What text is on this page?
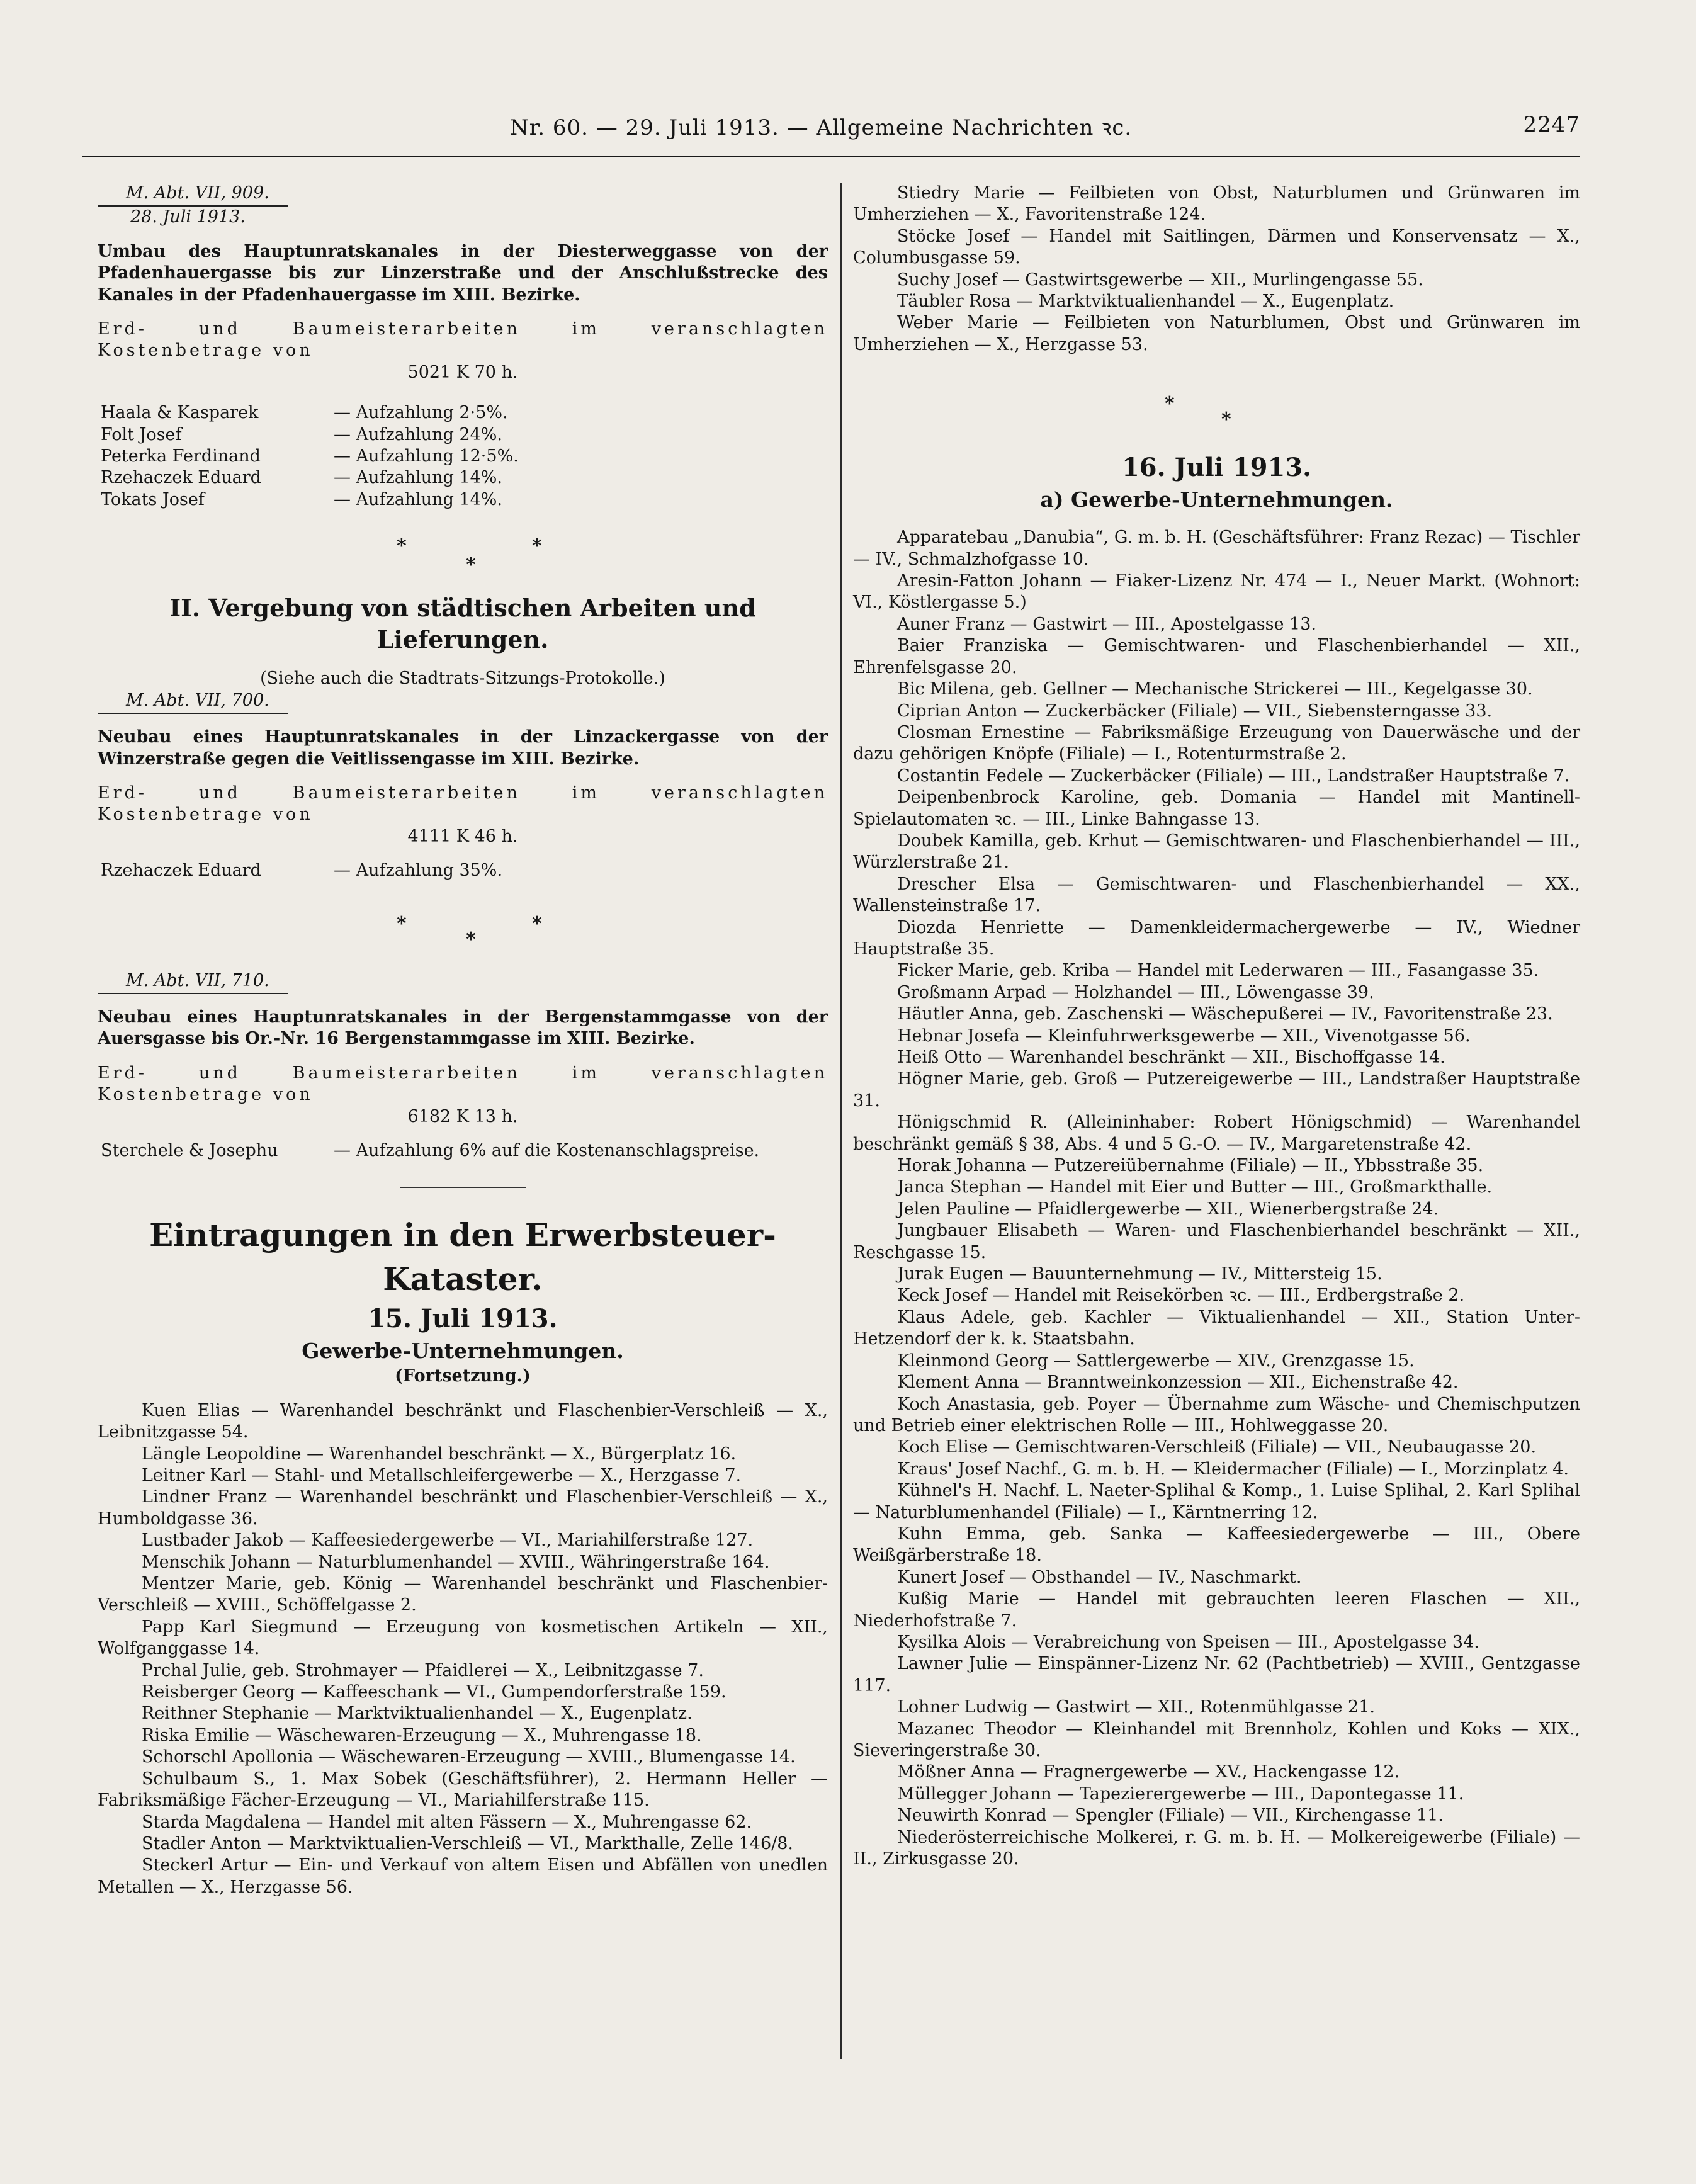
Nr. 60. — 29. Juli 1913. — Allgemeine Nachrichten ꝛc.	2247
M. Abt. VII, 909.
28. Juli 1913.
Umbau des Hauptunratskanales in der Diesterweggasse von der Pfadenhauergasse bis zur Linzerstraße und der Anschlußstrecke des Kanales in der Pfadenhauergasse im XIII. Bezirke.
Erd- und Baumeisterarbeiten im veranschlagten Kostenbetrage von
5021 K 70 h.
Haala & Kasparek	— Aufzahlung 2·5%.
Folt Josef	— Aufzahlung 24%.
Peterka Ferdinand	— Aufzahlung 12·5%.
Rzehaczek Eduard	— Aufzahlung 14%.
Tokats Josef	— Aufzahlung 14%.
*
*
*
II. Vergebung von städtischen Arbeiten und Lieferungen.
(Siehe auch die Stadtrats-Sitzungs-Protokolle.)
M. Abt. VII, 700.
Neubau eines Hauptunratskanales in der Linzackergasse von der Winzerstraße gegen die Veitlissengasse im XIII. Bezirke.
Erd- und Baumeisterarbeiten im veranschlagten Kostenbetrage von
4111 K 46 h.
Rzehaczek Eduard	— Aufzahlung 35%.
*
*
*
M. Abt. VII, 710.
Neubau eines Hauptunratskanales in der Bergenstammgasse von der Auersgasse bis Or.-Nr. 16 Bergenstammgasse im XIII. Bezirke.
Erd- und Baumeisterarbeiten im veranschlagten Kostenbetrage von
6182 K 13 h.
Sterchele & Josephu	— Aufzahlung 6% auf die Kostenanschlagspreise.
Eintragungen in den Erwerbsteuer-Kataster.
15. Juli 1913.
Gewerbe-Unternehmungen.
(Fortsetzung.)
Kuen Elias — Warenhandel beschränkt und Flaschenbier-Verschleiß — X., Leibnitzgasse 54.
Längle Leopoldine — Warenhandel beschränkt — X., Bürgerplatz 16.
Leitner Karl — Stahl- und Metallschleifergewerbe — X., Herzgasse 7.
Lindner Franz — Warenhandel beschränkt und Flaschenbier-Verschleiß — X., Humboldgasse 36.
Lustbader Jakob — Kaffeesiedergewerbe — VI., Mariahilferstraße 127.
Menschik Johann — Naturblumenhandel — XVIII., Währingerstraße 164.
Mentzer Marie, geb. König — Warenhandel beschränkt und Flaschenbier-Verschleiß — XVIII., Schöffelgasse 2.
Papp Karl Siegmund — Erzeugung von kosmetischen Artikeln — XII., Wolfganggasse 14.
Prchal Julie, geb. Strohmayer — Pfaidlerei — X., Leibnitzgasse 7.
Reisberger Georg — Kaffeeschank — VI., Gumpendorferstraße 159.
Reithner Stephanie — Marktviktualienhandel — X., Eugenplatz.
Riska Emilie — Wäschewaren-Erzeugung — X., Muhrengasse 18.
Schorschl Apollonia — Wäschewaren-Erzeugung — XVIII., Blumengasse 14.
Schulbaum S., 1. Max Sobek (Geschäftsführer), 2. Hermann Heller — Fabriksmäßige Fächer-Erzeugung — VI., Mariahilferstraße 115.
Starda Magdalena — Handel mit alten Fässern — X., Muhrengasse 62.
Stadler Anton — Marktviktualien-Verschleiß — VI., Markthalle, Zelle 146/8.
Steckerl Artur — Ein- und Verkauf von altem Eisen und Abfällen von unedlen Metallen — X., Herzgasse 56.
Stiedry Marie — Feilbieten von Obst, Naturblumen und Grünwaren im Umherziehen — X., Favoritenstraße 124.
Stöcke Josef — Handel mit Saitlingen, Därmen und Konservensatz — X., Columbusgasse 59.
Suchy Josef — Gastwirtsgewerbe — XII., Murlingengasse 55.
Täubler Rosa — Marktviktualienhandel — X., Eugenplatz.
Weber Marie — Feilbieten von Naturblumen, Obst und Grünwaren im Umherziehen — X., Herzgasse 53.
*
*
16. Juli 1913.
a) Gewerbe-Unternehmungen.
Apparatebau „Danubia“, G. m. b. H. (Geschäftsführer: Franz Rezac) — Tischler — IV., Schmalzhofgasse 10.
Aresin-Fatton Johann — Fiaker-Lizenz Nr. 474 — I., Neuer Markt. (Wohnort: VI., Köstlergasse 5.)
Auner Franz — Gastwirt — III., Apostelgasse 13.
Baier Franziska — Gemischtwaren- und Flaschenbierhandel — XII., Ehrenfelsgasse 20.
Bic Milena, geb. Gellner — Mechanische Strickerei — III., Kegelgasse 30.
Ciprian Anton — Zuckerbäcker (Filiale) — VII., Siebensterngasse 33.
Closman Ernestine — Fabriksmäßige Erzeugung von Dauerwäsche und der dazu gehörigen Knöpfe (Filiale) — I., Rotenturmstraße 2.
Costantin Fedele — Zuckerbäcker (Filiale) — III., Landstraßer Hauptstraße 7.
Deipenbenbrock Karoline, geb. Domania — Handel mit Mantinell-Spielautomaten ꝛc. — III., Linke Bahngasse 13.
Doubek Kamilla, geb. Krhut — Gemischtwaren- und Flaschenbierhandel — III., Würzlerstraße 21.
Drescher Elsa — Gemischtwaren- und Flaschenbierhandel — XX., Wallensteinstraße 17.
Diozda Henriette — Damenkleidermachergewerbe — IV., Wiedner Hauptstraße 35.
Ficker Marie, geb. Kriba — Handel mit Lederwaren — III., Fasangasse 35.
Großmann Arpad — Holzhandel — III., Löwengasse 39.
Häutler Anna, geb. Zaschenski — Wäschepußerei — IV., Favoritenstraße 23.
Hebnar Josefa — Kleinfuhrwerksgewerbe — XII., Vivenotgasse 56.
Heiß Otto — Warenhandel beschränkt — XII., Bischoffgasse 14.
Högner Marie, geb. Groß — Putzereigewerbe — III., Landstraßer Hauptstraße 31.
Hönigschmid R. (Alleininhaber: Robert Hönigschmid) — Warenhandel beschränkt gemäß § 38, Abs. 4 und 5 G.-O. — IV., Margaretenstraße 42.
Horak Johanna — Putzereiübernahme (Filiale) — II., Ybbsstraße 35.
Janca Stephan — Handel mit Eier und Butter — III., Großmarkthalle.
Jelen Pauline — Pfaidlergewerbe — XII., Wienerbergstraße 24.
Jungbauer Elisabeth — Waren- und Flaschenbierhandel beschränkt — XII., Reschgasse 15.
Jurak Eugen — Bauunternehmung — IV., Mittersteig 15.
Keck Josef — Handel mit Reisekörben ꝛc. — III., Erdbergstraße 2.
Klaus Adele, geb. Kachler — Viktualienhandel — XII., Station Unter-Hetzendorf der k. k. Staatsbahn.
Kleinmond Georg — Sattlergewerbe — XIV., Grenzgasse 15.
Klement Anna — Branntweinkonzession — XII., Eichenstraße 42.
Koch Anastasia, geb. Poyer — Übernahme zum Wäsche- und Chemischputzen und Betrieb einer elektrischen Rolle — III., Hohlweggasse 20.
Koch Elise — Gemischtwaren-Verschleiß (Filiale) — VII., Neubaugasse 20.
Kraus' Josef Nachf., G. m. b. H. — Kleidermacher (Filiale) — I., Morzinplatz 4.
Kühnel's H. Nachf. L. Naeter-Splihal & Komp., 1. Luise Splihal, 2. Karl Splihal — Naturblumenhandel (Filiale) — I., Kärntnerring 12.
Kuhn Emma, geb. Sanka — Kaffeesiedergewerbe — III., Obere Weißgärberstraße 18.
Kunert Josef — Obsthandel — IV., Naschmarkt.
Kußig Marie — Handel mit gebrauchten leeren Flaschen — XII., Niederhofstraße 7.
Kysilka Alois — Verabreichung von Speisen — III., Apostelgasse 34.
Lawner Julie — Einspänner-Lizenz Nr. 62 (Pachtbetrieb) — XVIII., Gentzgasse 117.
Lohner Ludwig — Gastwirt — XII., Rotenmühlgasse 21.
Mazanec Theodor — Kleinhandel mit Brennholz, Kohlen und Koks — XIX., Sieveringerstraße 30.
Mößner Anna — Fragnergewerbe — XV., Hackengasse 12.
Müllegger Johann — Tapezierergewerbe — III., Dapontegasse 11.
Neuwirth Konrad — Spengler (Filiale) — VII., Kirchengasse 11.
Niederösterreichische Molkerei, r. G. m. b. H. — Molkereigewerbe (Filiale) — II., Zirkusgasse 20.
